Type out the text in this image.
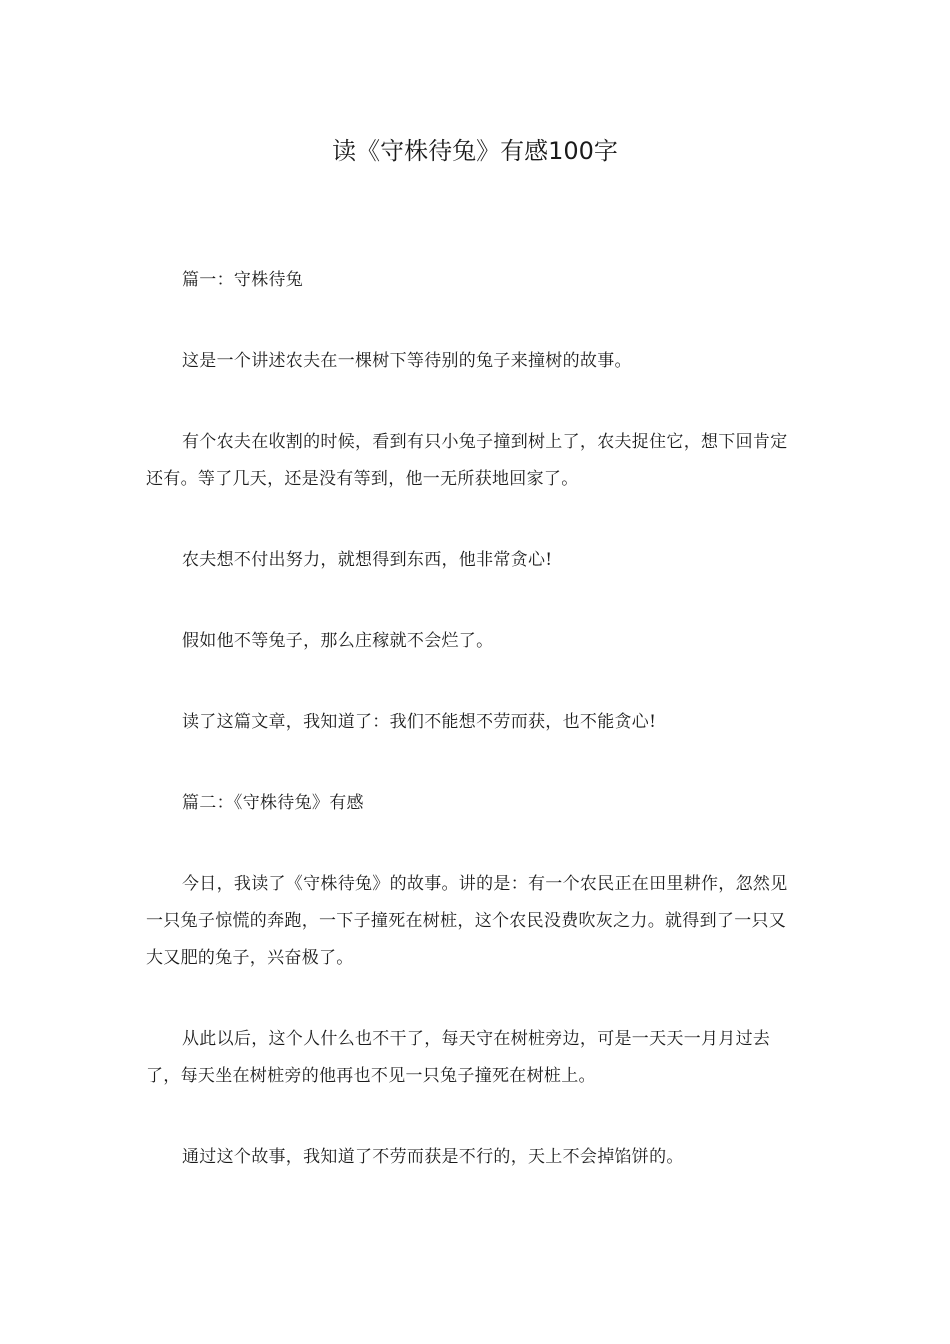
读《守株待兔》有感100字

篇一：守株待兔

这是一个讲述农夫在一棵树下等待别的兔子来撞树的故事。

有个农夫在收割的时候，看到有只小兔子撞到树上了，农夫捉住它，想下回肯定还有。等了几天，还是没有等到，他一无所获地回家了。

农夫想不付出努力，就想得到东西，他非常贪心!

假如他不等兔子，那么庄稼就不会烂了。

读了这篇文章，我知道了：我们不能想不劳而获，也不能贪心!

篇二：《守株待兔》有感

今日，我读了《守株待兔》的故事。讲的是：有一个农民正在田里耕作，忽然见一只兔子惊慌的奔跑，一下子撞死在树桩，这个农民没费吹灰之力。就得到了一只又大又肥的兔子，兴奋极了。

从此以后，这个人什么也不干了，每天守在树桩旁边，可是一天天一月月过去了，每天坐在树桩旁的他再也不见一只兔子撞死在树桩上。

通过这个故事，我知道了不劳而获是不行的，天上不会掉馅饼的。
